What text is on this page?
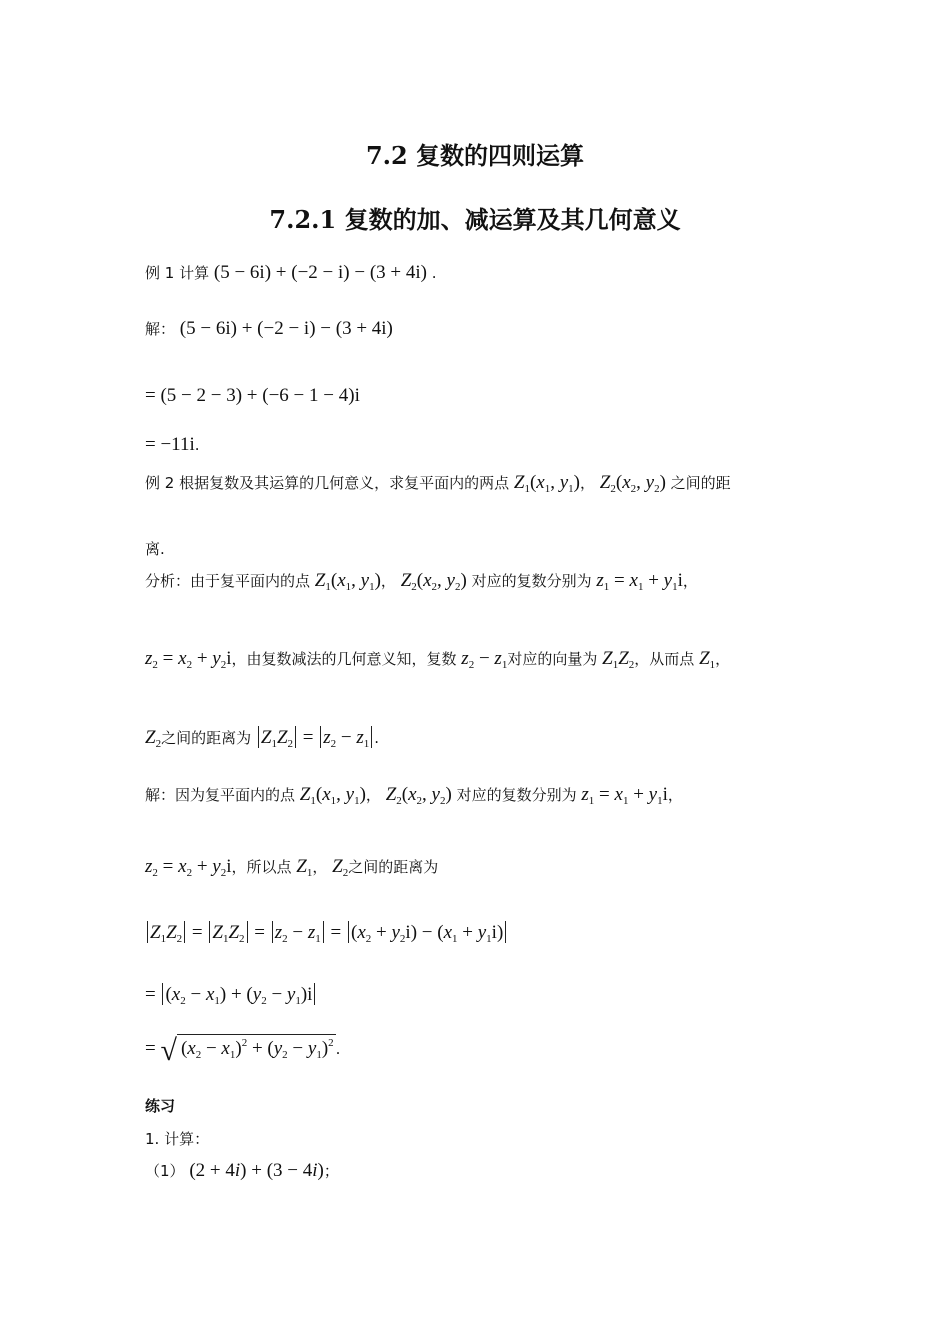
7.2 复数的四则运算
7.2.1 复数的加、减运算及其几何意义
例 1 计算 (5 − 6i) + (−2 − i) − (3 + 4i) .
解： (5 − 6i) + (−2 − i) − (3 + 4i)
= (5 − 2 − 3) + (−6 − 1 − 4)i
= −11i.
例 2 根据复数及其运算的几何意义，求复平面内的两点 $Z_1(x_1$, $y_1$)， $Z_2(x_2$, $y_2$) 之间的距
离.
分析：由于复平面内的点 $Z_1(x_1$, $y_1$)， $Z_2(x_2$, $y_2$) 对应的复数分别为 $z_1 = x_1 + y_1i$，
$z_2 = x_2 + y_2i$，由复数减法的几何意义知，复数 $z_2 - z_1$对应的向量为 $Z_1Z_2$，从而点 $Z_1$，
$Z_2$之间的距离为 $Z_1Z_2 = z_2 - z_1$ .
解：因为复平面内的点 $Z_1(x_1$, $y_1$)， $Z_2(x_2$, $y_2$) 对应的复数分别为 $z_1 = x_1 + y_1i$，
$z_2 = x_2 + y_2i$，所以点 $Z_1$， $Z_2$之间的距离为
$Z_1Z_2 = Z_1Z_2 = z_2 - z_1 = (x_2 + y_2i) - (x_1 + y_1i)$
= $(x_2 - x_1) + (y_2 - y_1)i$
= √ $(x_2 - x_1)^2 + (y_2 - y_1)^2$ .
练习
1. 计算：
（1） (2 + 4i) + (3 − 4i)；
